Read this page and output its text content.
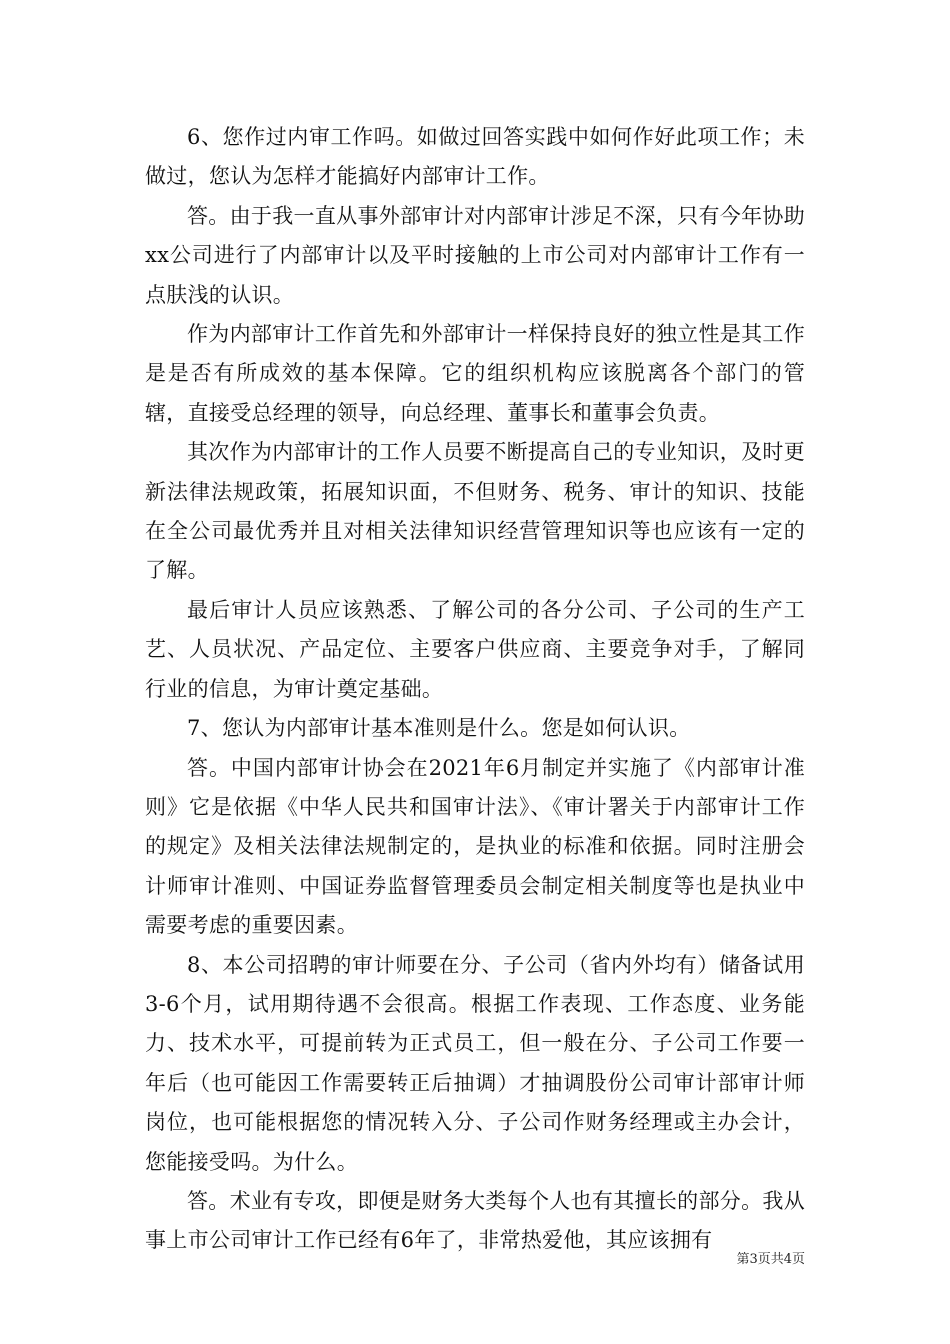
6、您作过内审工作吗。如做过回答实践中如何作好此项工作；未做过，您认为怎样才能搞好内部审计工作。

答。由于我一直从事外部审计对内部审计涉足不深，只有今年协助xx公司进行了内部审计以及平时接触的上市公司对内部审计工作有一点肤浅的认识。

作为内部审计工作首先和外部审计一样保持良好的独立性是其工作是是否有所成效的基本保障。它的组织机构应该脱离各个部门的管辖，直接受总经理的领导，向总经理、董事长和董事会负责。

其次作为内部审计的工作人员要不断提高自己的专业知识，及时更新法律法规政策，拓展知识面，不但财务、税务、审计的知识、技能在全公司最优秀并且对相关法律知识经营管理知识等也应该有一定的了解。

最后审计人员应该熟悉、了解公司的各分公司、子公司的生产工艺、人员状况、产品定位、主要客户供应商、主要竞争对手，了解同行业的信息，为审计奠定基础。

7、您认为内部审计基本准则是什么。您是如何认识。

答。中国内部审计协会在2021年6月制定并实施了《内部审计准则》它是依据《中华人民共和国审计法》、《审计署关于内部审计工作的规定》及相关法律法规制定的，是执业的标准和依据。同时注册会计师审计准则、中国证券监督管理委员会制定相关制度等也是执业中需要考虑的重要因素。

8、本公司招聘的审计师要在分、子公司（省内外均有）储备试用3-6个月，试用期待遇不会很高。根据工作表现、工作态度、业务能力、技术水平，可提前转为正式员工，但一般在分、子公司工作要一年后（也可能因工作需要转正后抽调）才抽调股份公司审计部审计师岗位，也可能根据您的情况转入分、子公司作财务经理或主办会计，您能接受吗。为什么。

答。术业有专攻，即便是财务大类每个人也有其擅长的部分。我从事上市公司审计工作已经有6年了，非常热爱他，其应该拥有

第3页共4页
